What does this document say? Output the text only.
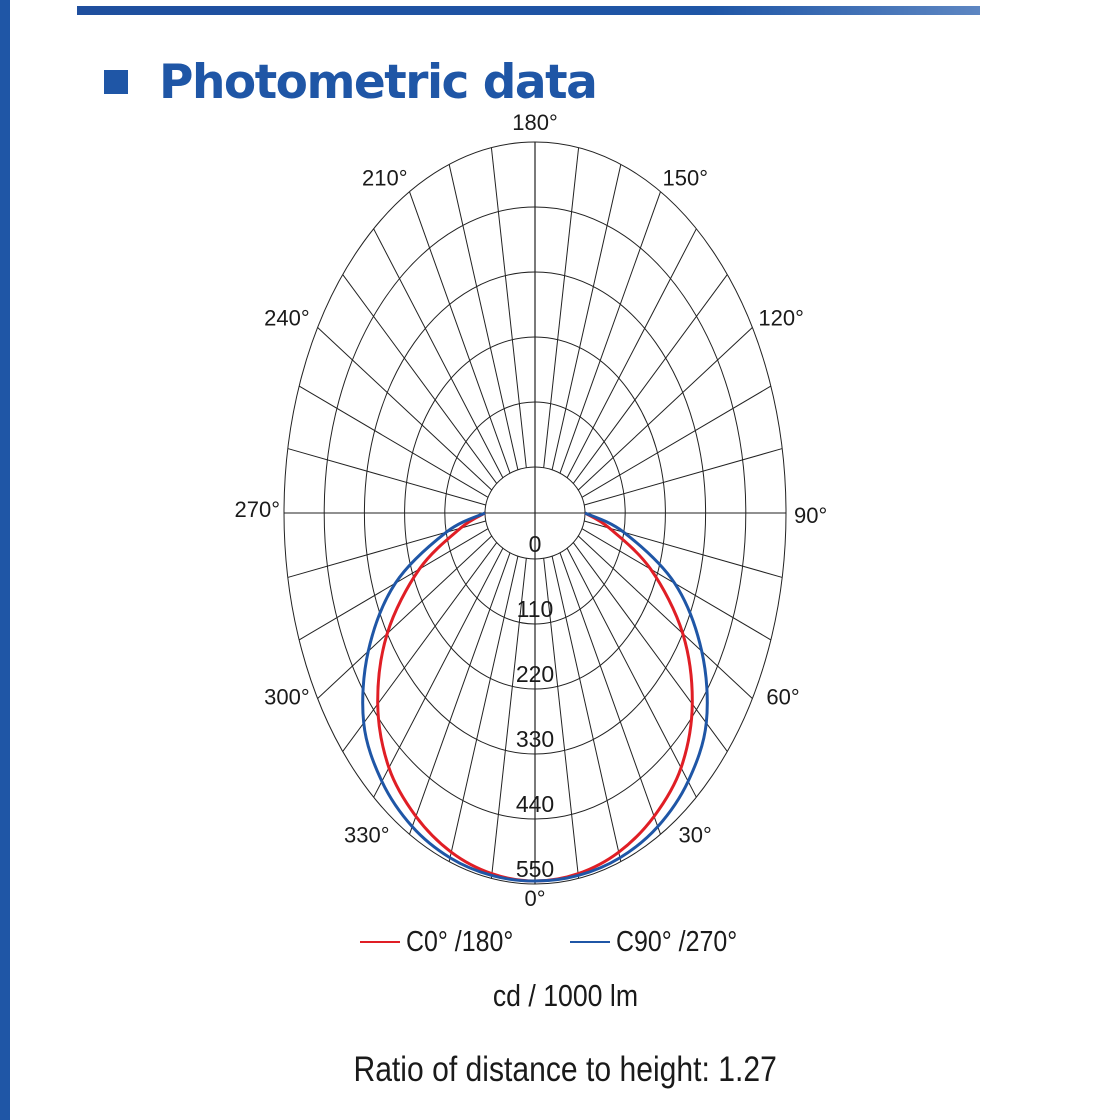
Photometric data
0°
30°
60°
90°
120°
150°
180°
210°
240°
270°
300°
330°
0
110
220
330
440
550
C0° /180°	C90° /270°
cd / 1000 lm
Ratio of distance to height: 1.27
